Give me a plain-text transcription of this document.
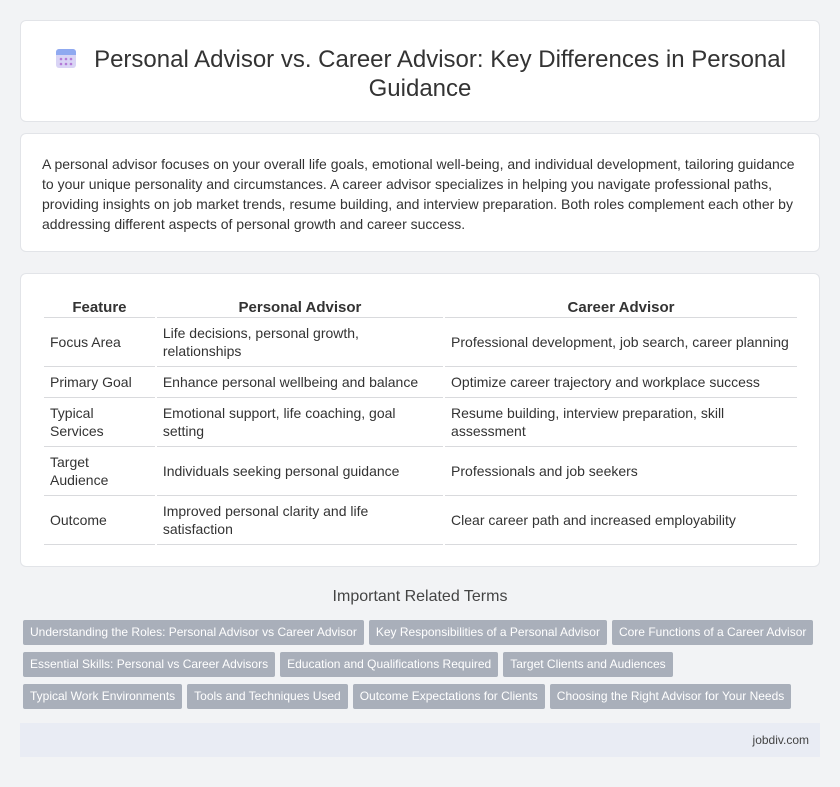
Personal Advisor vs. Career Advisor: Key Differences in Personal Guidance

A personal advisor focuses on your overall life goals, emotional well-being, and individual development, tailoring guidance to your unique personality and circumstances. A career advisor specializes in helping you navigate professional paths, providing insights on job market trends, resume building, and interview preparation. Both roles complement each other by addressing different aspects of personal growth and career success.

Feature	Personal Advisor	Career Advisor
Focus Area	Life decisions, personal growth, relationships	Professional development, job search, career planning
Primary Goal	Enhance personal wellbeing and balance	Optimize career trajectory and workplace success
Typical Services	Emotional support, life coaching, goal setting	Resume building, interview preparation, skill assessment
Target Audience	Individuals seeking personal guidance	Professionals and job seekers
Outcome	Improved personal clarity and life satisfaction	Clear career path and increased employability
Important Related Terms
Understanding the Roles: Personal Advisor vs Career Advisor Key Responsibilities of a Personal Advisor Core Functions of a Career Advisor
Essential Skills: Personal vs Career Advisors Education and Qualifications Required Target Clients and Audiences
Typical Work Environments Tools and Techniques Used Outcome Expectations for Clients Choosing the Right Advisor for Your Needs
jobdiv.com
